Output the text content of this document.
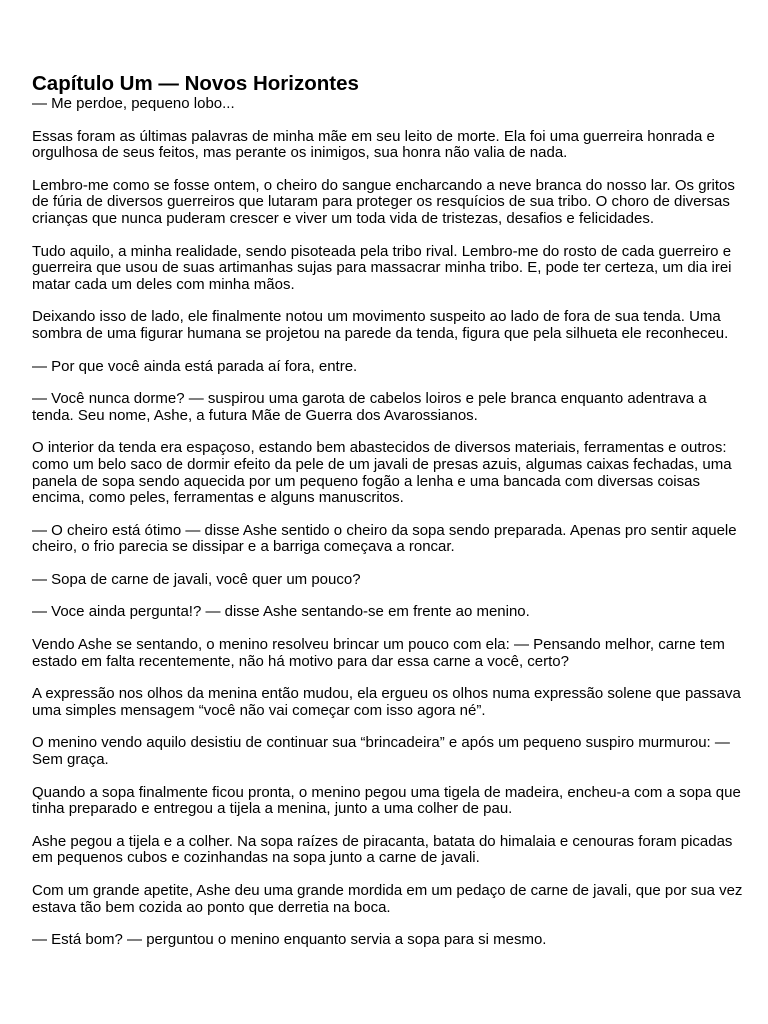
Capítulo Um — Novos Horizontes

— Me perdoe, pequeno lobo...

Essas foram as últimas palavras de minha mãe em seu leito de morte. Ela foi uma guerreira honrada e orgulhosa de seus feitos, mas perante os inimigos, sua honra não valia de nada.

Lembro-me como se fosse ontem, o cheiro do sangue encharcando a neve branca do nosso lar. Os gritos de fúria de diversos guerreiros que lutaram para proteger os resquícios de sua tribo. O choro de diversas crianças que nunca puderam crescer e viver um toda vida de tristezas, desafios e felicidades.

Tudo aquilo, a minha realidade, sendo pisoteada pela tribo rival. Lembro-me do rosto de cada guerreiro e guerreira que usou de suas artimanhas sujas para massacrar minha tribo. E, pode ter certeza, um dia irei matar cada um deles com minha mãos.

Deixando isso de lado, ele finalmente notou um movimento suspeito ao lado de fora de sua tenda. Uma sombra de uma figurar humana se projetou na parede da tenda, figura que pela silhueta ele reconheceu.

— Por que você ainda está parada aí fora, entre.

— Você nunca dorme? — suspirou uma garota de cabelos loiros e pele branca enquanto adentrava a tenda. Seu nome, Ashe, a futura Mãe de Guerra dos Avarossianos.

O interior da tenda era espaçoso, estando bem abastecidos de diversos materiais, ferramentas e outros: como um belo saco de dormir efeito da pele de um javali de presas azuis, algumas caixas fechadas, uma panela de sopa sendo aquecida por um pequeno fogão a lenha e uma bancada com diversas coisas encima, como peles, ferramentas e alguns manuscritos.

— O cheiro está ótimo — disse Ashe sentido o cheiro da sopa sendo preparada. Apenas pro sentir aquele cheiro, o frio parecia se dissipar e a barriga começava a roncar.

— Sopa de carne de javali, você quer um pouco?

— Voce ainda pergunta!? — disse Ashe sentando-se em frente ao menino.

Vendo Ashe se sentando, o menino resolveu brincar um pouco com ela: — Pensando melhor, carne tem estado em falta recentemente, não há motivo para dar essa carne a você, certo?

A expressão nos olhos da menina então mudou, ela ergueu os olhos numa expressão solene que passava uma simples mensagem “você não vai começar com isso agora né”.

O menino vendo aquilo desistiu de continuar sua “brincadeira” e após um pequeno suspiro murmurou: — Sem graça.

Quando a sopa finalmente ficou pronta, o menino pegou uma tigela de madeira, encheu-a com a sopa que tinha preparado e entregou a tijela a menina, junto a uma colher de pau.

Ashe pegou a tijela e a colher. Na sopa raízes de piracanta, batata do himalaia e cenouras foram picadas em pequenos cubos e cozinhandas na sopa junto a carne de javali.

Com um grande apetite, Ashe deu uma grande mordida em um pedaço de carne de javali, que por sua vez estava tão bem cozida ao ponto que derretia na boca.

— Está bom? — perguntou o menino enquanto servia a sopa para si mesmo.
